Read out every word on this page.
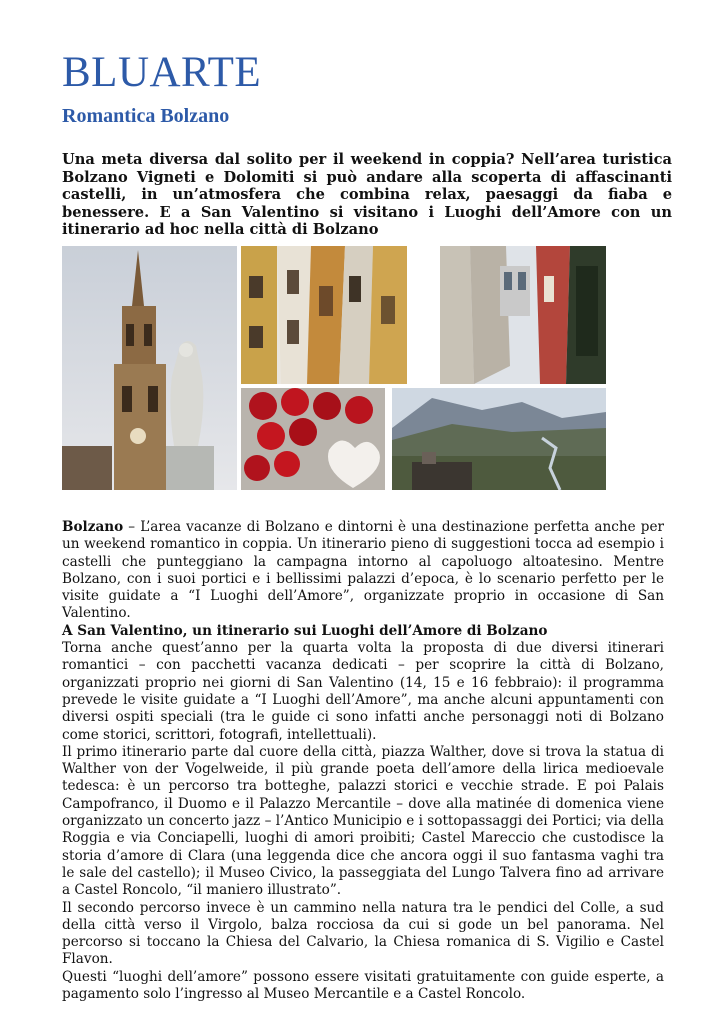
BLUARTE
Romantica Bolzano

Una meta diversa dal solito per il weekend in coppia? Nell’area turistica Bolzano Vigneti e Dolomiti si può andare alla scoperta di affascinanti castelli, in un’atmosfera che combina relax, paesaggi da fiaba e benessere. E a San Valentino si visitano i Luoghi dell’Amore con un itinerario ad hoc nella città di Bolzano

Bolzano – L’area vacanze di Bolzano e dintorni è una destinazione perfetta anche per un weekend romantico in coppia. Un itinerario pieno di suggestioni tocca ad esempio i castelli che punteggiano la campagna intorno al capoluogo altoatesino. Mentre Bolzano, con i suoi portici e i bellissimi palazzi d’epoca, è lo scenario perfetto per le visite guidate a “I Luoghi dell’Amore”, organizzate proprio in occasione di San Valentino.

A San Valentino, un itinerario sui Luoghi dell’Amore di Bolzano

Torna anche quest’anno per la quarta volta la proposta di due diversi itinerari romantici – con pacchetti vacanza dedicati – per scoprire la città di Bolzano, organizzati proprio nei giorni di San Valentino (14, 15 e 16 febbraio): il programma prevede le visite guidate a “I Luoghi dell’Amore”, ma anche alcuni appuntamenti con diversi ospiti speciali (tra le guide ci sono infatti anche personaggi noti di Bolzano come storici, scrittori, fotografi, intellettuali).

Il primo itinerario parte dal cuore della città, piazza Walther, dove si trova la statua di Walther von der Vogelweide, il più grande poeta dell’amore della lirica medioevale tedesca: è un percorso tra botteghe, palazzi storici e vecchie strade. E poi Palais Campofranco, il Duomo e il Palazzo Mercantile – dove alla matinée di domenica viene organizzato un concerto jazz – l’Antico Municipio e i sottopassaggi dei Portici; via della Roggia e via Conciapelli, luoghi di amori proibiti; Castel Mareccio che custodisce la storia d’amore di Clara (una leggenda dice che ancora oggi il suo fantasma vaghi tra le sale del castello); il Museo Civico, la passeggiata del Lungo Talvera fino ad arrivare a Castel Roncolo, “il maniero illustrato”.

Il secondo percorso invece è un cammino nella natura tra le pendici del Colle, a sud della città verso il Virgolo, balza rocciosa da cui si gode un bel panorama. Nel percorso si toccano la Chiesa del Calvario, la Chiesa romanica di S. Vigilio e Castel Flavon.

Questi “luoghi dell’amore” possono essere visitati gratuitamente con guide esperte, a pagamento solo l’ingresso al Museo Mercantile e a Castel Roncolo.
